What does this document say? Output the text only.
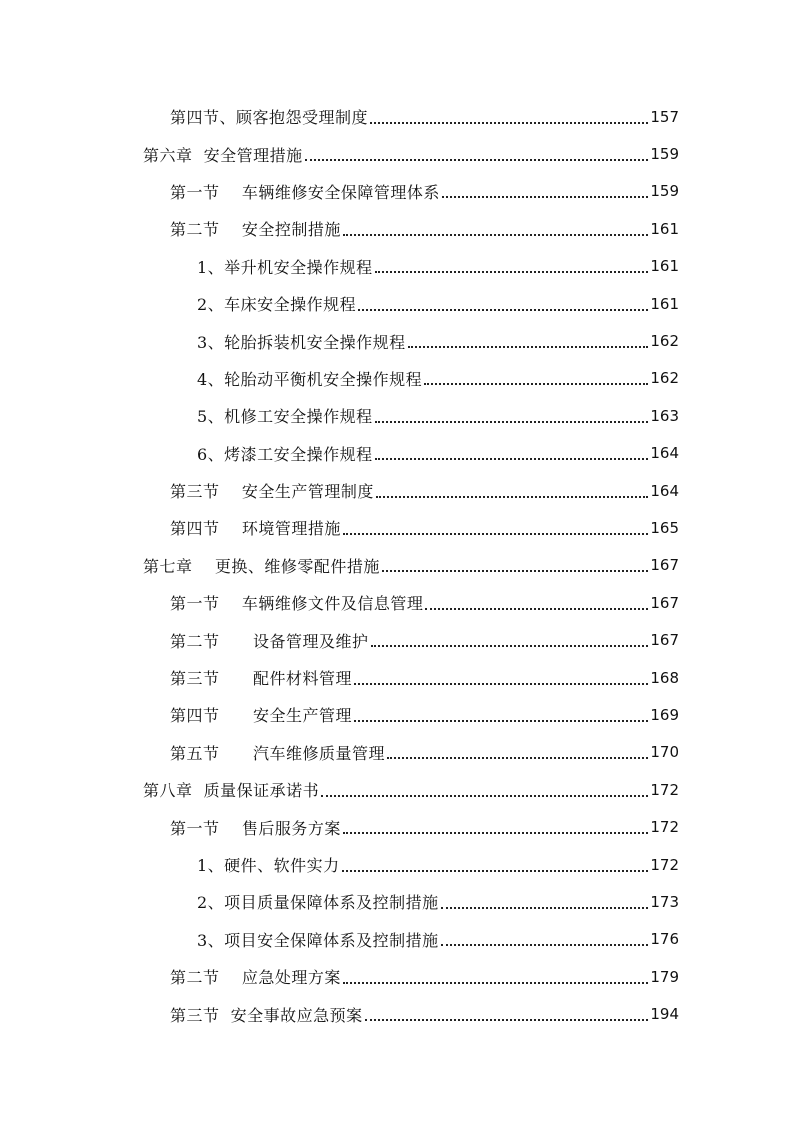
第四节、顾客抱怨受理制度	157
第六章  安全管理措施	159
第一节    车辆维修安全保障管理体系	159
第二节    安全控制措施	161
1、举升机安全操作规程	161
2、车床安全操作规程	161
3、轮胎拆装机安全操作规程	162
4、轮胎动平衡机安全操作规程	162
5、机修工安全操作规程	163
6、烤漆工安全操作规程	164
第三节    安全生产管理制度	164
第四节    环境管理措施	165
第七章    更换、维修零配件措施	167
第一节    车辆维修文件及信息管理	167
第二节      设备管理及维护	167
第三节      配件材料管理	168
第四节      安全生产管理	169
第五节      汽车维修质量管理	170
第八章  质量保证承诺书	172
第一节    售后服务方案	172
1、硬件、软件实力	172
2、项目质量保障体系及控制措施	173
3、项目安全保障体系及控制措施	176
第二节    应急处理方案	179
第三节  安全事故应急预案	194
